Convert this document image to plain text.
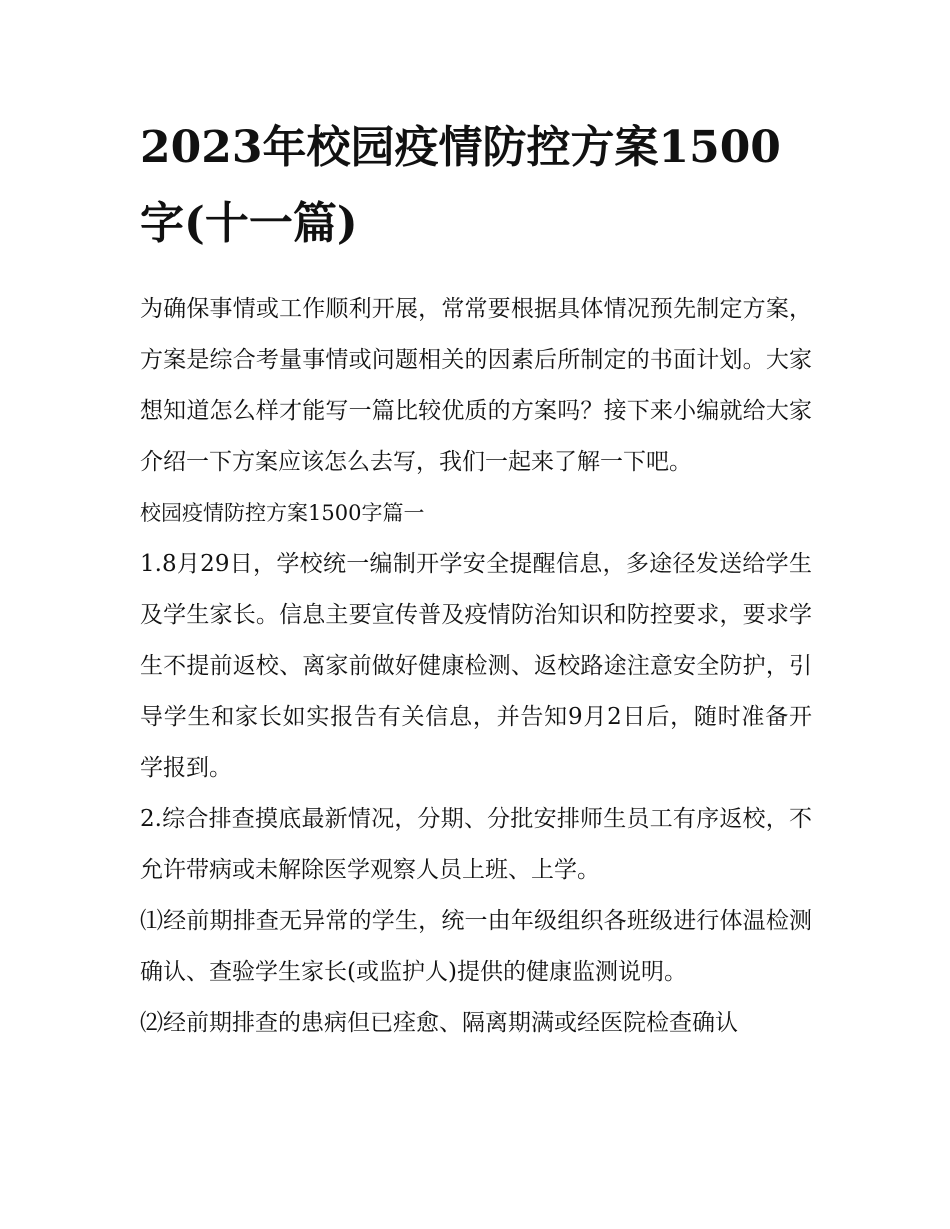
2023年校园疫情防控方案1500字(十一篇)

为确保事情或工作顺利开展，常常要根据具体情况预先制定方案，方案是综合考量事情或问题相关的因素后所制定的书面计划。大家想知道怎么样才能写一篇比较优质的方案吗？接下来小编就给大家介绍一下方案应该怎么去写，我们一起来了解一下吧。

校园疫情防控方案1500字篇一

1.8月29日，学校统一编制开学安全提醒信息，多途径发送给学生及学生家长。信息主要宣传普及疫情防治知识和防控要求，要求学生不提前返校、离家前做好健康检测、返校路途注意安全防护，引导学生和家长如实报告有关信息，并告知9月2日后，随时准备开学报到。

2.综合排查摸底最新情况，分期、分批安排师生员工有序返校，不允许带病或未解除医学观察人员上班、上学。

⑴经前期排查无异常的学生，统一由年级组织各班级进行体温检测确认、查验学生家长(或监护人)提供的健康监测说明。

⑵经前期排查的患病但已痊愈、隔离期满或经医院检查确认
